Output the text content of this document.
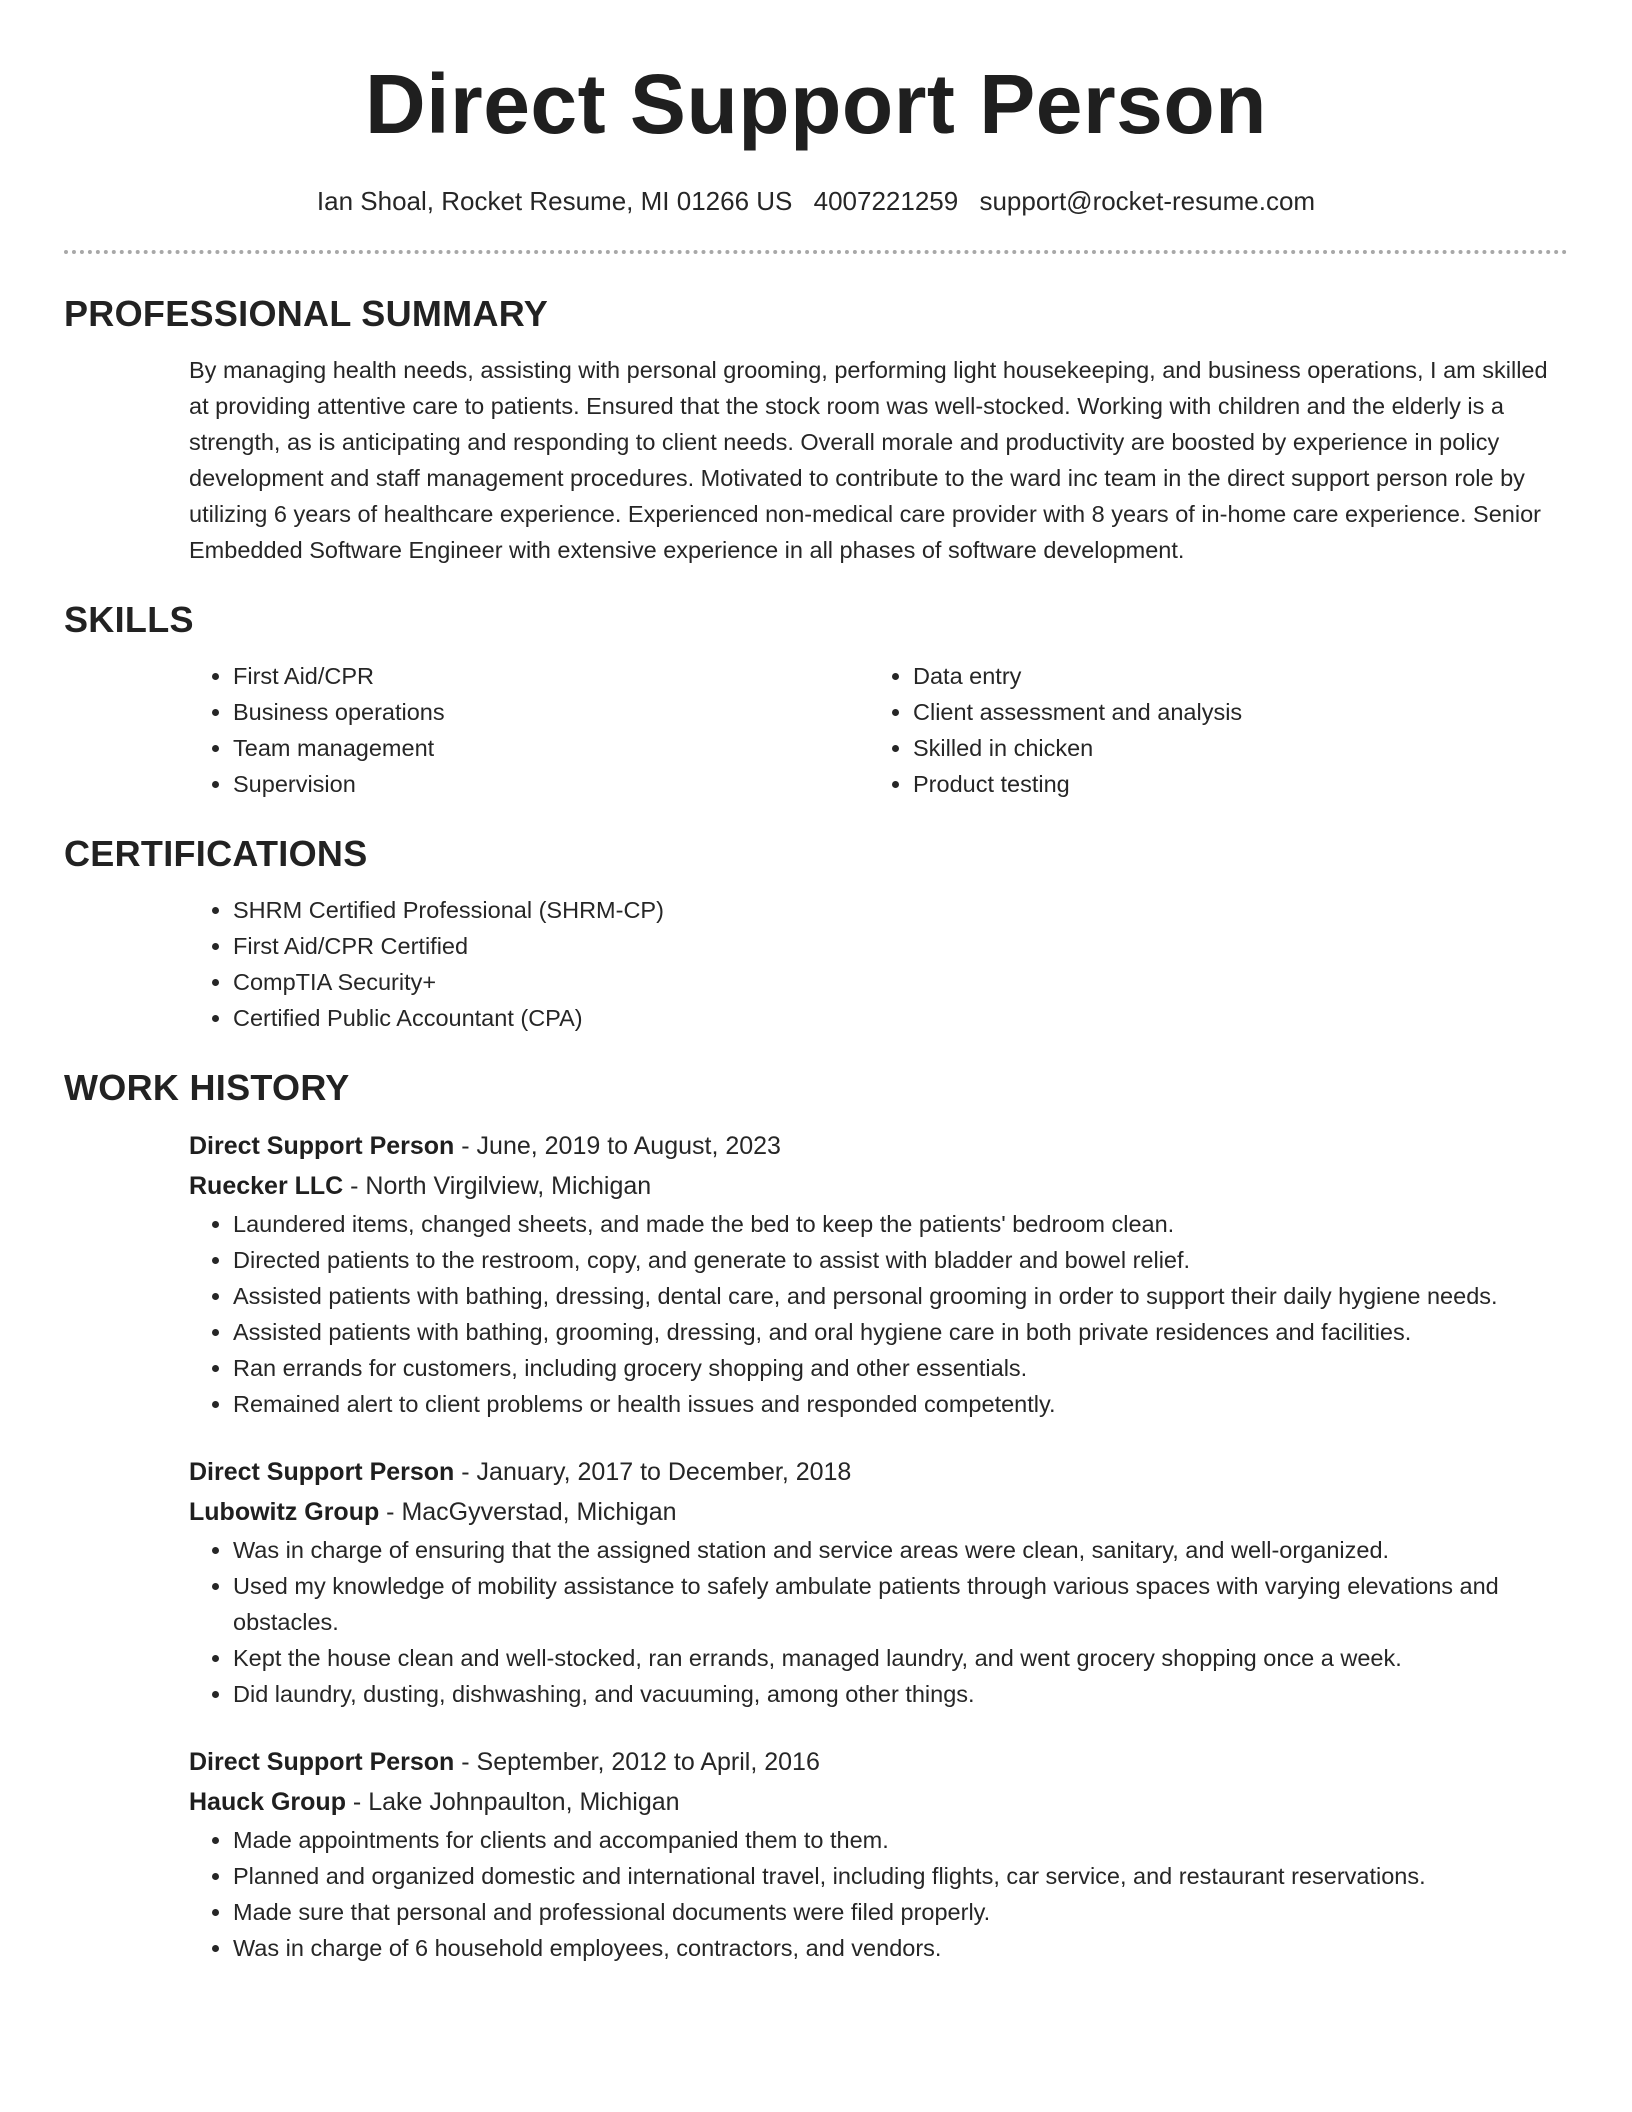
Direct Support Person
Ian Shoal, Rocket Resume, MI 01266 US 4007221259 support@rocket-resume.com
PROFESSIONAL SUMMARY

By managing health needs, assisting with personal grooming, performing light housekeeping, and business operations, I am skilled at providing attentive care to patients. Ensured that the stock room was well-stocked. Working with children and the elderly is a strength, as is anticipating and responding to client needs. Overall morale and productivity are boosted by experience in policy development and staff management procedures. Motivated to contribute to the ward inc team in the direct support person role by utilizing 6 years of healthcare experience. Experienced non-medical care provider with 8 years of in-home care experience. Senior Embedded Software Engineer with extensive experience in all phases of software development.

SKILLS
• First Aid/CPR
• Business operations
• Team management
• Supervision
• Data entry
• Client assessment and analysis
• Skilled in chicken
• Product testing
CERTIFICATIONS
• SHRM Certified Professional (SHRM-CP)
• First Aid/CPR Certified
• CompTIA Security+
• Certified Public Accountant (CPA)
WORK HISTORY
Direct Support Person - June, 2019 to August, 2023
Ruecker LLC - North Virgilview, Michigan
• Laundered items, changed sheets, and made the bed to keep the patients' bedroom clean.
• Directed patients to the restroom, copy, and generate to assist with bladder and bowel relief.
• Assisted patients with bathing, dressing, dental care, and personal grooming in order to support their daily hygiene needs.
• Assisted patients with bathing, grooming, dressing, and oral hygiene care in both private residences and facilities.
• Ran errands for customers, including grocery shopping and other essentials.
• Remained alert to client problems or health issues and responded competently.
Direct Support Person - January, 2017 to December, 2018
Lubowitz Group - MacGyverstad, Michigan
• Was in charge of ensuring that the assigned station and service areas were clean, sanitary, and well-organized.
• Used my knowledge of mobility assistance to safely ambulate patients through various spaces with varying elevations and obstacles.
• Kept the house clean and well-stocked, ran errands, managed laundry, and went grocery shopping once a week.
• Did laundry, dusting, dishwashing, and vacuuming, among other things.
Direct Support Person - September, 2012 to April, 2016
Hauck Group - Lake Johnpaulton, Michigan
• Made appointments for clients and accompanied them to them.
• Planned and organized domestic and international travel, including flights, car service, and restaurant reservations.
• Made sure that personal and professional documents were filed properly.
• Was in charge of 6 household employees, contractors, and vendors.
